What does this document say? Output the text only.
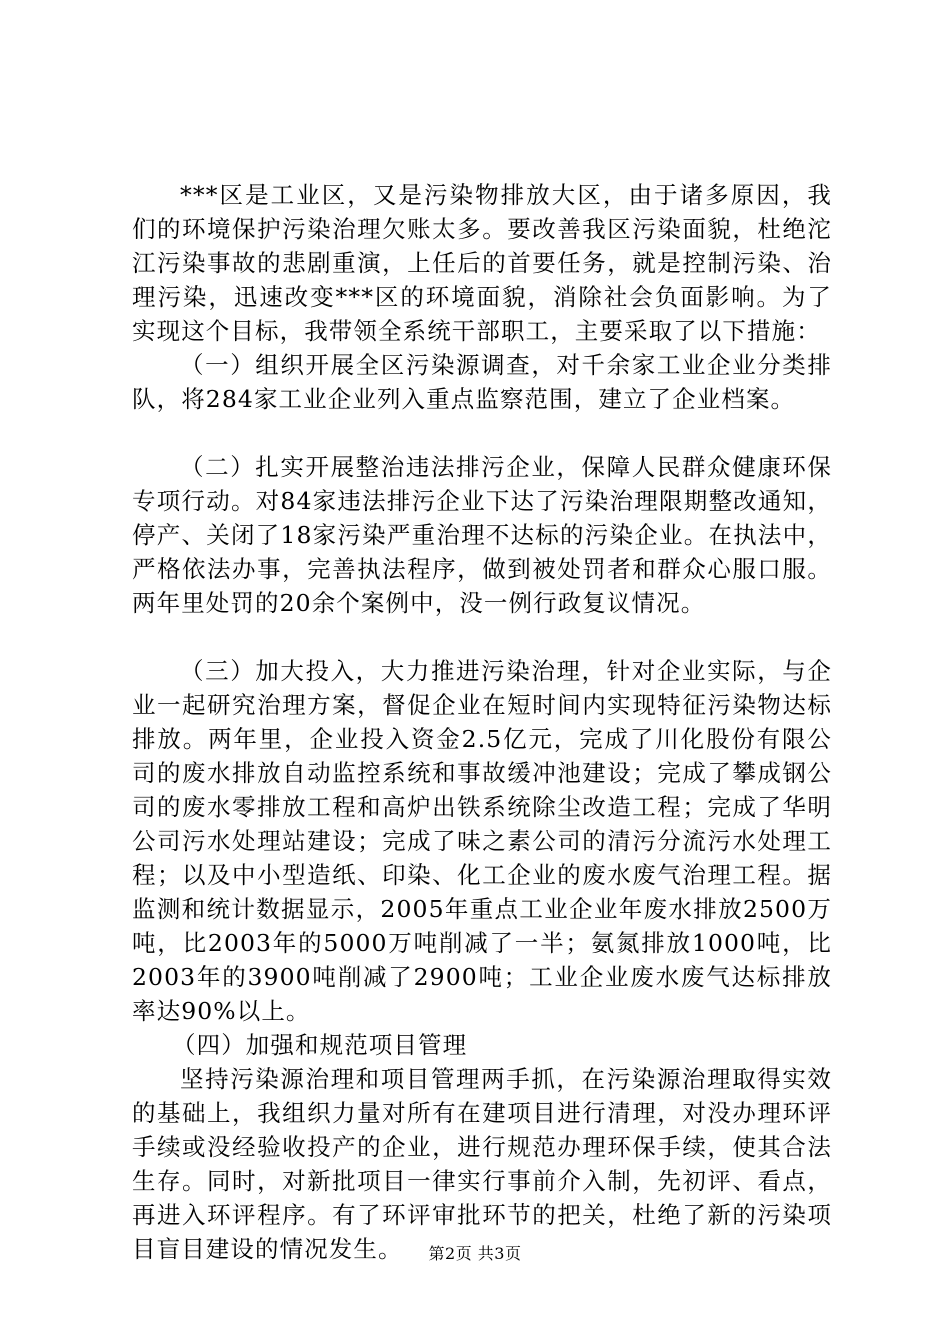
***区是工业区，又是污染物排放大区，由于诸多原因，我们的环境保护污染治理欠账太多。要改善我区污染面貌，杜绝沱江污染事故的悲剧重演，上任后的首要任务，就是控制污染、治理污染，迅速改变***区的环境面貌，消除社会负面影响。为了实现这个目标，我带领全系统干部职工，主要采取了以下措施：

（一）组织开展全区污染源调查，对千余家工业企业分类排队，将284家工业企业列入重点监察范围，建立了企业档案。

（二）扎实开展整治违法排污企业，保障人民群众健康环保专项行动。对84家违法排污企业下达了污染治理限期整改通知，停产、关闭了18家污染严重治理不达标的污染企业。在执法中，严格依法办事，完善执法程序，做到被处罚者和群众心服口服。两年里处罚的20余个案例中，没一例行政复议情况。

（三）加大投入，大力推进污染治理，针对企业实际，与企业一起研究治理方案，督促企业在短时间内实现特征污染物达标排放。两年里，企业投入资金2.5亿元，完成了川化股份有限公司的废水排放自动监控系统和事故缓冲池建设；完成了攀成钢公司的废水零排放工程和高炉出铁系统除尘改造工程；完成了华明公司污水处理站建设；完成了味之素公司的清污分流污水处理工程；以及中小型造纸、印染、化工企业的废水废气治理工程。据监测和统计数据显示，2005年重点工业企业年废水排放2500万吨，比2003年的5000万吨削减了一半；氨氮排放1000吨，比2003年的3900吨削减了2900吨；工业企业废水废气达标排放率达90%以上。

（四）加强和规范项目管理

坚持污染源治理和项目管理两手抓，在污染源治理取得实效的基础上，我组织力量对所有在建项目进行清理，对没办理环评手续或没经验收投产的企业，进行规范办理环保手续，使其合法生存。同时，对新批项目一律实行事前介入制，先初评、看点，再进入环评程序。有了环评审批环节的把关，杜绝了新的污染项目盲目建设的情况发生。	第2页 共3页
